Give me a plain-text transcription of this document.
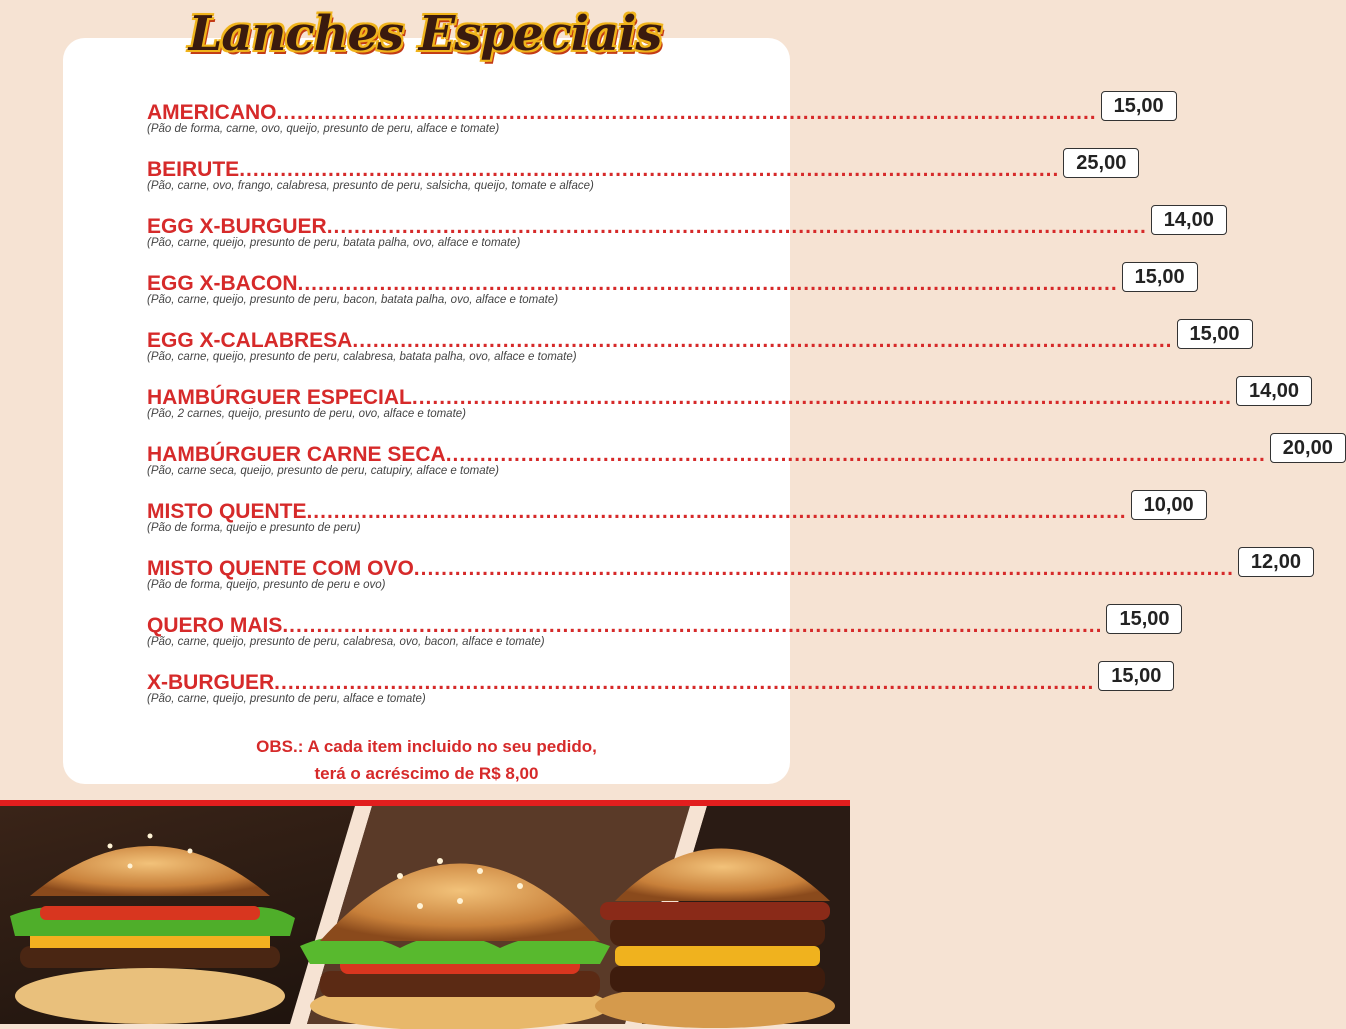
Lanches Especiais
AMERICANO ........................................................................................................................ 15,00
(Pão de forma, carne, ovo, queijo, presunto de peru, alface e tomate)
BEIRUTE ........................................................................................................................ 25,00
(Pão, carne, ovo, frango, calabresa, presunto de peru, salsicha, queijo, tomate e alface)
EGG X-BURGUER ........................................................................................................................ 14,00
(Pão, carne, queijo, presunto de peru, batata palha, ovo, alface e tomate)
EGG X-BACON ........................................................................................................................ 15,00
(Pão, carne, queijo, presunto de peru, bacon, batata palha, ovo, alface e tomate)
EGG X-CALABRESA ........................................................................................................................ 15,00
(Pão, carne, queijo, presunto de peru, calabresa, batata palha, ovo, alface e tomate)
HAMBÚRGUER ESPECIAL ........................................................................................................................ 14,00
(Pão, 2 carnes, queijo, presunto de peru, ovo, alface e tomate)
HAMBÚRGUER CARNE SECA ........................................................................................................................ 20,00
(Pão, carne seca, queijo, presunto de peru, catupiry, alface e tomate)
MISTO QUENTE ........................................................................................................................ 10,00
(Pão de forma, queijo e presunto de peru)
MISTO QUENTE COM OVO ........................................................................................................................ 12,00
(Pão de forma, queijo, presunto de peru e ovo)
QUERO MAIS ........................................................................................................................ 15,00
(Pão, carne, queijo, presunto de peru, calabresa, ovo, bacon, alface e tomate)
X-BURGUER ........................................................................................................................ 15,00
(Pão, carne, queijo, presunto de peru, alface e tomate)
OBS.: A cada item incluido no seu pedido,
terá o acréscimo de R$ 8,00
